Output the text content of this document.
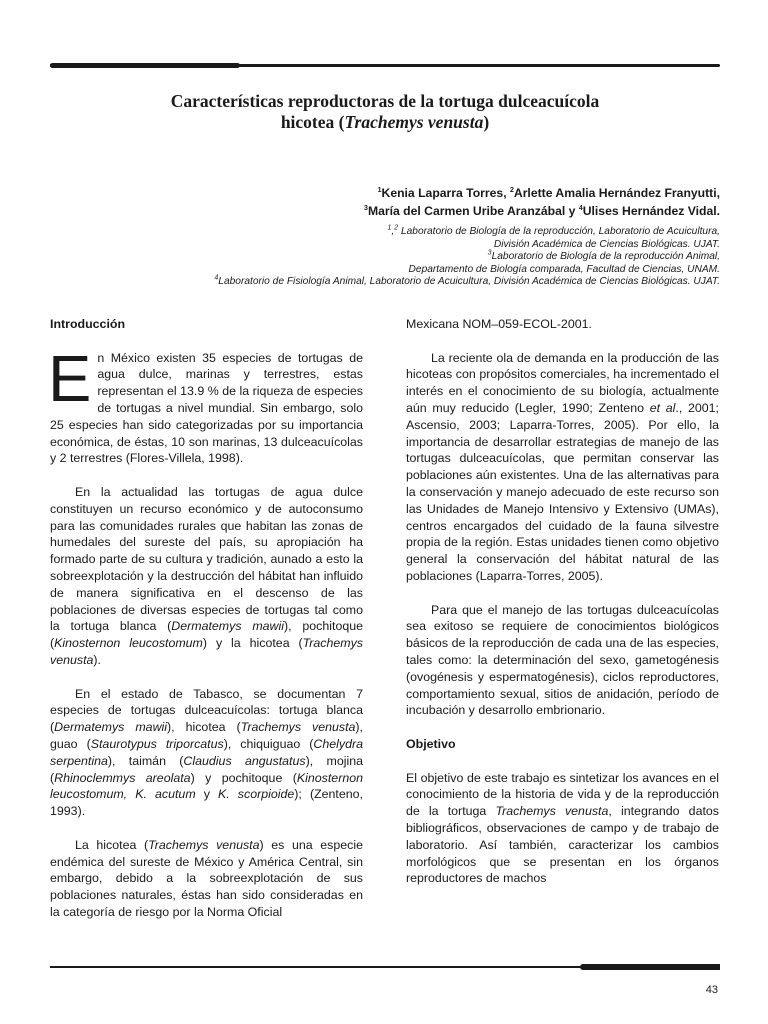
Características reproductoras de la tortuga dulceacuícola
hicotea (Trachemys venusta)
$^1$Kenia Laparra Torres, $^2$Arlette Amalia Hernández Franyutti,
$^3$María del Carmen Uribe Aranzábal y $^4$Ulises Hernández Vidal.
$^1$,$^2$ Laboratorio de Biología de la reproducción, Laboratorio de Acuicultura,
División Académica de Ciencias Biológicas. UJAT.
$^3$Laboratorio de Biología de la reproducción Animal,
Departamento de Biología comparada, Facultad de Ciencias, UNAM.
$^4$Laboratorio de Fisiología Animal, Laboratorio de Acuicultura, División Académica de Ciencias Biológicas. UJAT.
Introducción

En México existen 35 especies de tortugas de agua dulce, marinas y terrestres, estas representan el 13.9 % de la riqueza de especies de tortugas a nivel mundial. Sin embargo, solo 25 especies han sido categorizadas por su importancia económica, de éstas, 10 son marinas, 13 dulceacuícolas y 2 terrestres (Flores-Villela, 1998).

En la actualidad las tortugas de agua dulce constituyen un recurso económico y de autoconsumo para las comunidades rurales que habitan las zonas de humedales del sureste del país, su apropiación ha formado parte de su cultura y tradición, aunado a esto la sobreexplotación y la destrucción del hábitat han influido de manera significativa en el descenso de las poblaciones de diversas especies de tortugas tal como la tortuga blanca (Dermatemys mawii), pochitoque (Kinosternon leucostomum) y la hicotea (Trachemys venusta).

En el estado de Tabasco, se documentan 7 especies de tortugas dulceacuícolas: tortuga blanca (Dermatemys mawii), hicotea (Trachemys venusta), guao (Staurotypus triporcatus), chiquiguao (Chelydra serpentina), taimán (Claudius angustatus), mojina (Rhinoclemmys areolata) y pochitoque (Kinosternon leucostomum, K. acutum y K. scorpioide); (Zenteno, 1993).

La hicotea (Trachemys venusta) es una especie endémica del sureste de México y América Central, sin embargo, debido a la sobreexplotación de sus poblaciones naturales, éstas han sido consideradas en la categoría de riesgo por la Norma Oficial

Mexicana NOM–059-ECOL-2001.

La reciente ola de demanda en la producción de las hicoteas con propósitos comerciales, ha incrementado el interés en el conocimiento de su biología, actualmente aún muy reducido (Legler, 1990; Zenteno et al., 2001; Ascensio, 2003; Laparra-Torres, 2005). Por ello, la importancia de desarrollar estrategias de manejo de las tortugas dulceacuícolas, que permitan conservar las poblaciones aún existentes. Una de las alternativas para la conservación y manejo adecuado de este recurso son las Unidades de Manejo Intensivo y Extensivo (UMAs), centros encargados del cuidado de la fauna silvestre propia de la región. Estas unidades tienen como objetivo general la conservación del hábitat natural de las poblaciones (Laparra-Torres, 2005).

Para que el manejo de las tortugas dulceacuícolas sea exitoso se requiere de conocimientos biológicos básicos de la reproducción de cada una de las especies, tales como: la determinación del sexo, gametogénesis (ovogénesis y espermatogénesis), ciclos reproductores, comportamiento sexual, sitios de anidación, período de incubación y desarrollo embrionario.

Objetivo

El objetivo de este trabajo es sintetizar los avances en el conocimiento de la historia de vida y de la reproducción de la tortuga Trachemys venusta, integrando datos bibliográficos, observaciones de campo y de trabajo de laboratorio. Así también, caracterizar los cambios morfológicos que se presentan en los órganos reproductores de machos

43
